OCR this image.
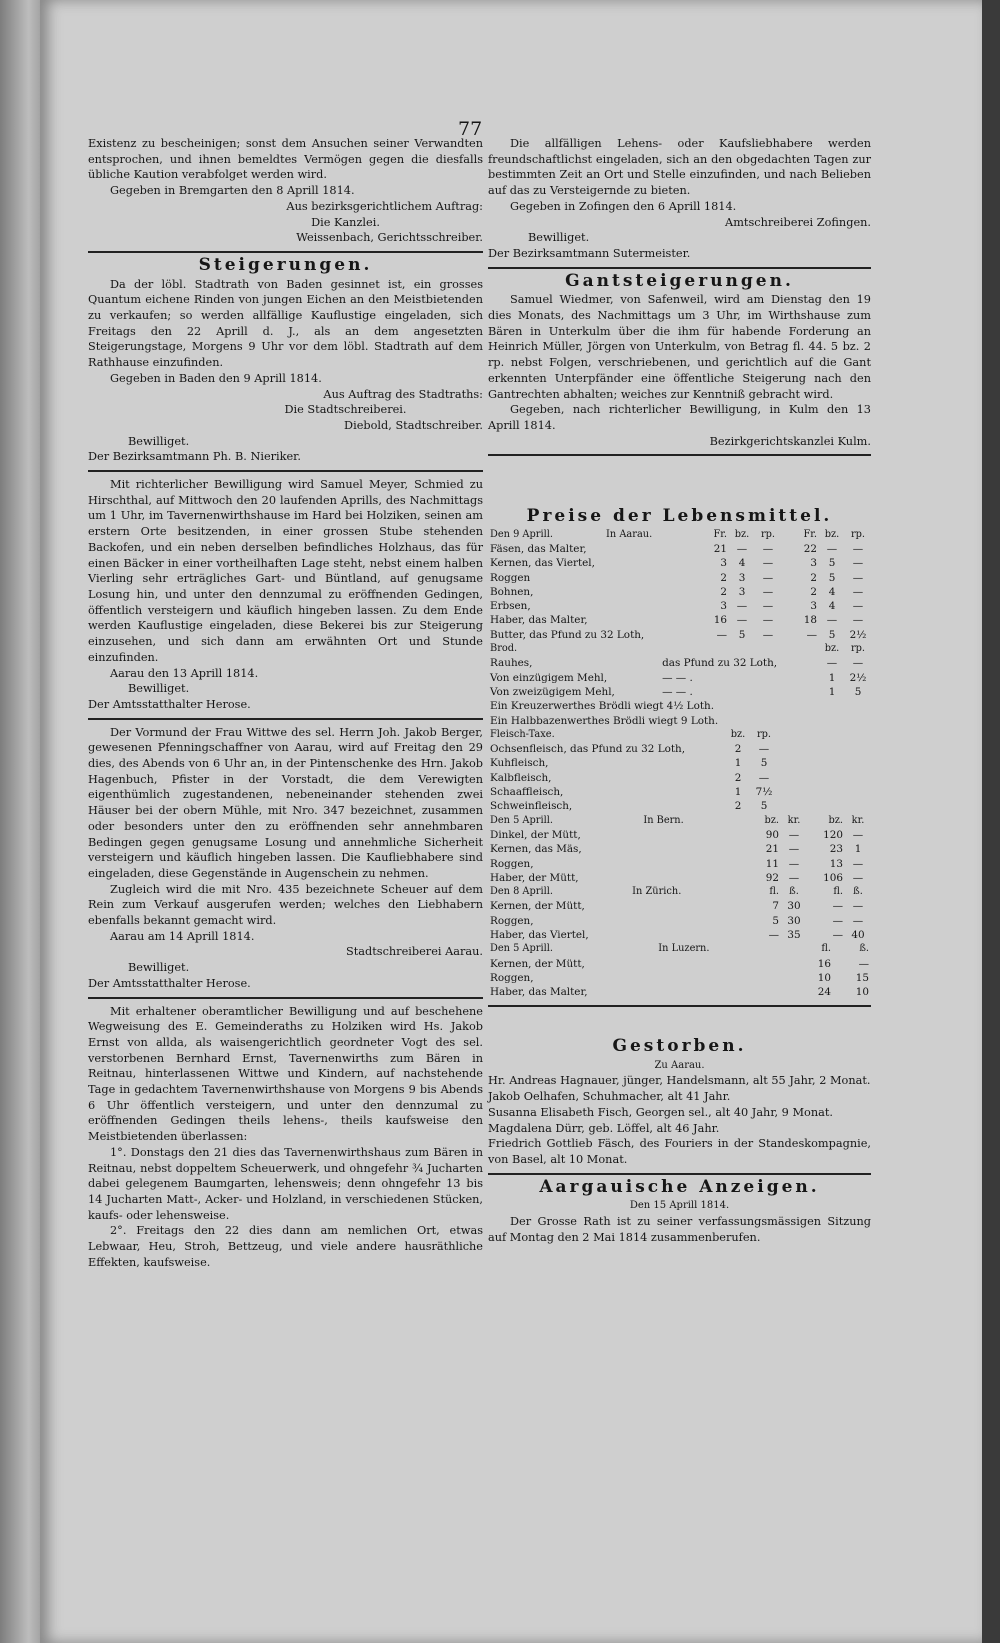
77

Existenz zu bescheinigen; sonst dem Ansuchen seiner Verwandten entsprochen, und ihnen bemeldtes Vermögen gegen die diesfalls übliche Kaution verabfolget werden wird.

Gegeben in Bremgarten den 8 Aprill 1814.

Aus bezirksgerichtlichem Auftrag:

Die Kanzlei.

Weissenbach, Gerichtsschreiber.

Steigerungen.

Da der löbl. Stadtrath von Baden gesinnet ist, ein grosses Quantum eichene Rinden von jungen Eichen an den Meistbietenden zu verkaufen; so werden allfällige Kauflustige eingeladen, sich Freitags den 22 Aprill d. J., als an dem angesetzten Steigerungstage, Morgens 9 Uhr vor dem löbl. Stadtrath auf dem Rathhause einzufinden.

Gegeben in Baden den 9 Aprill 1814.

Aus Auftrag des Stadtraths:

Die Stadtschreiberei.

Diebold, Stadtschreiber.

Bewilliget.

Der Bezirksamtmann Ph. B. Nieriker.

Mit richterlicher Bewilligung wird Samuel Meyer, Schmied zu Hirschthal, auf Mittwoch den 20 laufenden Aprills, des Nachmittags um 1 Uhr, im Tavernenwirthshause im Hard bei Holziken, seinen am erstern Orte besitzenden, in einer grossen Stube stehenden Backofen, und ein neben derselben befindliches Holzhaus, das für einen Bäcker in einer vortheilhaften Lage steht, nebst einem halben Vierling sehr erträgliches Gart- und Büntland, auf genugsame Losung hin, und unter den dennzumal zu eröffnenden Gedingen, öffentlich versteigern und käuflich hingeben lassen. Zu dem Ende werden Kauflustige eingeladen, diese Bekerei bis zur Steigerung einzusehen, und sich dann am erwähnten Ort und Stunde einzufinden.

Aarau den 13 Aprill 1814.

Bewilliget.

Der Amtsstatthalter Herose.

Der Vormund der Frau Wittwe des sel. Herrn Joh. Jakob Berger, gewesenen Pfenningschaffner von Aarau, wird auf Freitag den 29 dies, des Abends von 6 Uhr an, in der Pintenschenke des Hrn. Jakob Hagenbuch, Pfister in der Vorstadt, die dem Verewigten eigenthümlich zugestandenen, nebeneinander stehenden zwei Häuser bei der obern Mühle, mit Nro. 347 bezeichnet, zusammen oder besonders unter den zu eröffnenden sehr annehmbaren Bedingen gegen genugsame Losung und annehmliche Sicherheit versteigern und käuflich hingeben lassen. Die Kaufliebhabere sind eingeladen, diese Gegenstände in Augenschein zu nehmen.

Zugleich wird die mit Nro. 435 bezeichnete Scheuer auf dem Rein zum Verkauf ausgerufen werden; welches den Liebhabern ebenfalls bekannt gemacht wird.

Aarau am 14 Aprill 1814.

Stadtschreiberei Aarau.

Bewilliget.

Der Amtsstatthalter Herose.

Mit erhaltener oberamtlicher Bewilligung und auf beschehene Wegweisung des E. Gemeinderaths zu Holziken wird Hs. Jakob Ernst von allda, als waisengerichtlich geordneter Vogt des sel. verstorbenen Bernhard Ernst, Tavernenwirths zum Bären in Reitnau, hinterlassenen Wittwe und Kindern, auf nachstehende Tage in gedachtem Tavernenwirthshause von Morgens 9 bis Abends 6 Uhr öffentlich versteigern, und unter den dennzumal zu eröffnenden Gedingen theils lehens-, theils kaufsweise den Meistbietenden überlassen:

1°. Donstags den 21 dies das Tavernenwirthshaus zum Bären in Reitnau, nebst doppeltem Scheuerwerk, und ohngefehr ¾ Jucharten dabei gelegenem Baumgarten, lehensweis; denn ohngefehr 13 bis 14 Jucharten Matt-, Acker- und Holzland, in verschiedenen Stücken, kaufs- oder lehensweise.

2°. Freitags den 22 dies dann am nemlichen Ort, etwas Lebwaar, Heu, Stroh, Bettzeug, und viele andere hausräthliche Effekten, kaufsweise.

Die allfälligen Lehens- oder Kaufsliebhabere werden freundschaftlichst eingeladen, sich an den obgedachten Tagen zur bestimmten Zeit an Ort und Stelle einzufinden, und nach Belieben auf das zu Versteigernde zu bieten.

Gegeben in Zofingen den 6 Aprill 1814.

Amtschreiberei Zofingen.

Bewilliget.

Der Bezirksamtmann Sutermeister.

Gantsteigerungen.

Samuel Wiedmer, von Safenweil, wird am Dienstag den 19 dies Monats, des Nachmittags um 3 Uhr, im Wirthshause zum Bären in Unterkulm über die ihm für habende Forderung an Heinrich Müller, Jörgen von Unterkulm, von Betrag fl. 44. 5 bz. 2 rp. nebst Folgen, verschriebenen, und gerichtlich auf die Gant erkennten Unterpfänder eine öffentliche Steigerung nach den Gantrechten abhalten; weiches zur Kenntniß gebracht wird.

Gegeben, nach richterlicher Bewilligung, in Kulm den 13 Aprill 1814.

Bezirkgerichtskanzlei Kulm.

Preise der Lebensmittel.
Den 9 Aprill.	In Aarau.	Fr.	bz.	rp.	Fr.	bz.	rp.
Fäsen, das Malter,		21	—	—	22	—	—
Kernen, das Viertel,		3	4	—	3	5	—
Roggen		2	3	—	2	5	—
Bohnen,		2	3	—	2	4	—
Erbsen,		3	—	—	3	4	—
Haber, das Malter,		16	—	—	18	—	—
Butter, das Pfund zu 32 Loth,		—	5	—	—	5	2½
Brod.		bz.	rp.
Rauhes,	das Pfund zu 32 Loth,	—	—
Von einzügigem Mehl,	— — .	1	2½
Von zweizügigem Mehl,	— — .	1	5
Ein Kreuzerwerthes Brödli wiegt 4½ Loth.			
Ein Halbbazenwerthes Brödli wiegt 9 Loth.			
Fleisch-Taxe.	bz.	rp.	
Ochsenfleisch, das Pfund zu 32 Loth,	2	—	
Kuhfleisch,	1	5	
Kalbfleisch,	2	—	
Schaaffleisch,	1	7½	
Schweinfleisch,	2	5	
Den 5 Aprill.	In Bern.	bz.	kr.	bz.	kr.
Dinkel, der Mütt,		90	—	120	—
Kernen, das Mäs,		21	—	23	1
Roggen,		11	—	13	—
Haber, der Mütt,		92	—	106	—
Den 8 Aprill.	In Zürich.	fl.	ß.	fl.	ß.
Kernen, der Mütt,		7	30	—	—
Roggen,		5	30	—	—
Haber, das Viertel,		—	35	—	40
Den 5 Aprill.	In Luzern.	fl.	ß.
Kernen, der Mütt,		16	—
Roggen,		10	15
Haber, das Malter,		24	10
Gestorben.

Zu Aarau.

Hr. Andreas Hagnauer, jünger, Handelsmann, alt 55 Jahr, 2 Monat.

Jakob Oelhafen, Schuhmacher, alt 41 Jahr.

Susanna Elisabeth Fisch, Georgen sel., alt 40 Jahr, 9 Monat.

Magdalena Dürr, geb. Löffel, alt 46 Jahr.

Friedrich Gottlieb Fäsch, des Fouriers in der Standeskompagnie, von Basel, alt 10 Monat.

Aargauische Anzeigen.

Den 15 Aprill 1814.

Der Grosse Rath ist zu seiner verfassungsmässigen Sitzung auf Montag den 2 Mai 1814 zusammenberufen.
